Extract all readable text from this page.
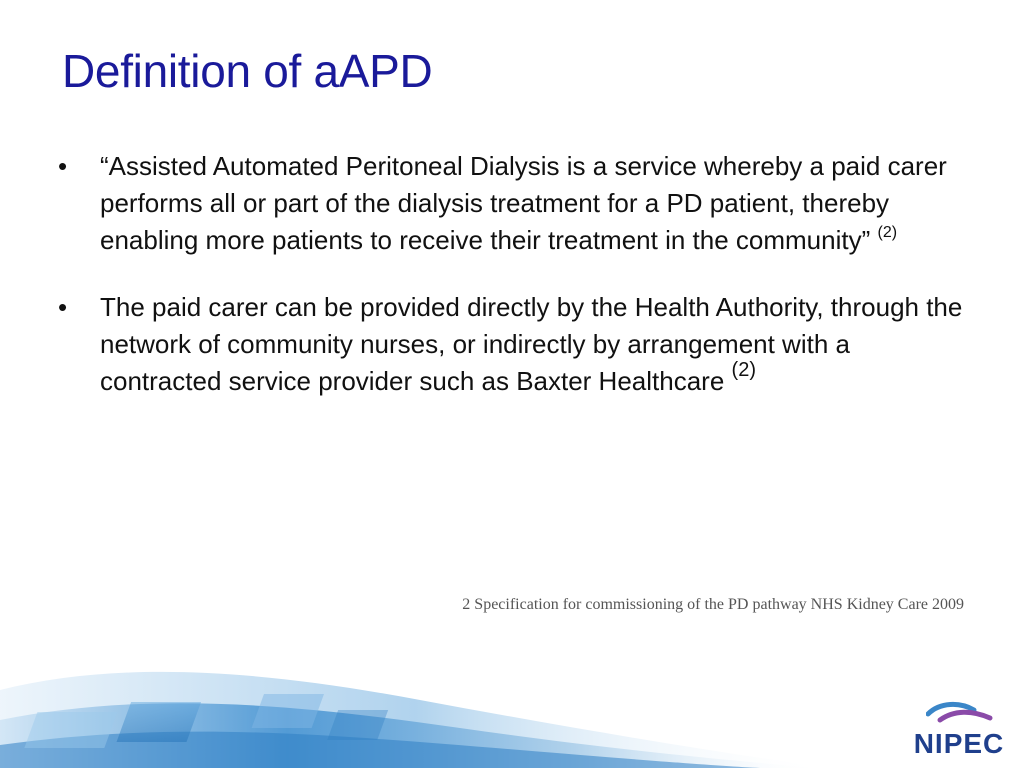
Definition of aAPD
• “Assisted Automated Peritoneal Dialysis is a service whereby a paid carer performs all or part of the dialysis treatment for a PD patient, thereby enabling more patients to receive their treatment in the community” $^{(2)}$
• The paid carer can be provided directly by the Health Authority, through the network of community nurses, or indirectly by arrangement with a contracted service provider such as Baxter Healthcare $^{(2)}$
2 Specification for commissioning of the PD pathway NHS Kidney Care 2009
NIPEC
